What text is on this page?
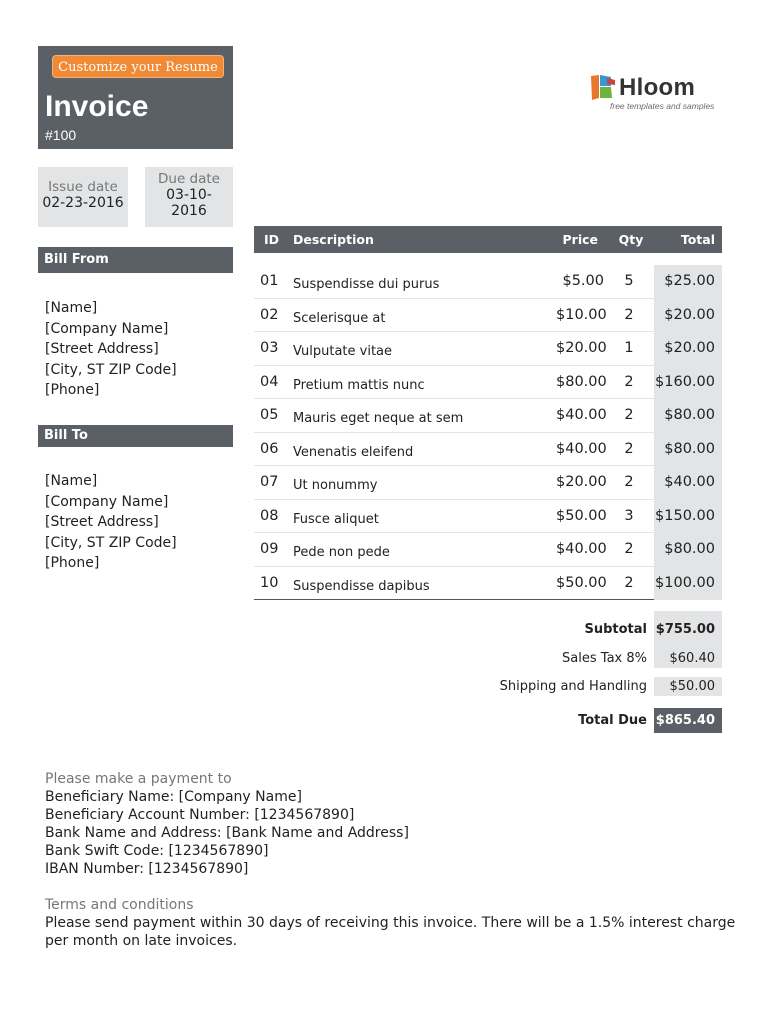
Customize your Resume
Invoice
#100
Hloom
free templates and samples
Issue date
02-23-2016
Due date
03-10-
2016
Bill From
[Name]
[Company Name]
[Street Address]
[City, ST ZIP Code]
[Phone]
Bill To
[Name]
[Company Name]
[Street Address]
[City, ST ZIP Code]
[Phone]
ID Description	Price Qty	Total
01 Suspendisse dui purus	$5.00	5	$25.00
02 Scelerisque at	$10.00	2	$20.00
03 Vulputate vitae	$20.00	1	$20.00
04 Pretium mattis nunc	$80.00	2	$160.00
05 Mauris eget neque at sem	$40.00	2	$80.00
06 Venenatis eleifend	$40.00	2	$80.00
07 Ut nonummy	$20.00	2	$40.00
08 Fusce aliquet	$50.00	3	$150.00
09 Pede non pede	$40.00	2	$80.00
10 Suspendisse dapibus	$50.00	2	$100.00
Subtotal $755.00
Sales Tax 8%	$60.40
Shipping and Handling	$50.00
Total Due $865.40
Please make a payment to
Beneficiary Name: [Company Name]
Beneficiary Account Number: [1234567890]
Bank Name and Address: [Bank Name and Address]
Bank Swift Code: [1234567890]
IBAN Number: [1234567890]
Terms and conditions
Please send payment within 30 days of receiving this invoice. There will be a 1.5% interest charge
per month on late invoices.
